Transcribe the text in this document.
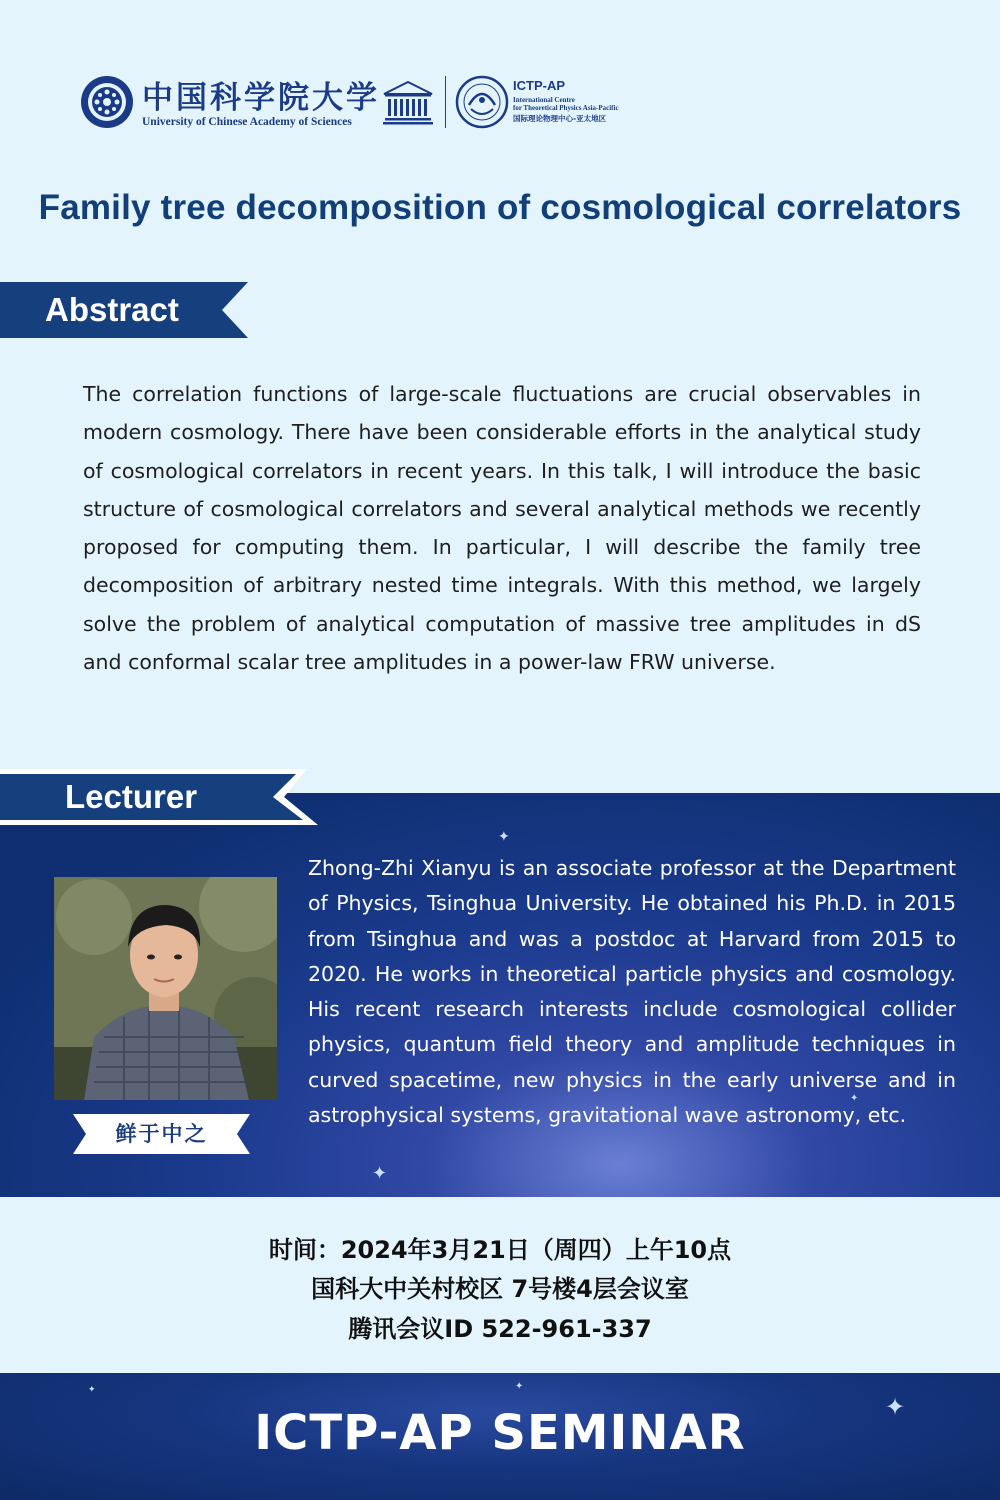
中国科学院大学
University of Chinese Academy of Sciences
ICTP-AP
International Centre
for Theoretical Physics Asia-Pacific
国际理论物理中心-亚太地区
Family tree decomposition of cosmological correlators
Abstract
The correlation functions of large-scale fluctuations are crucial observables in modern cosmology. There have been considerable efforts in the analytical study of cosmological correlators in recent years. In this talk, I will introduce the basic structure of cosmological correlators and several analytical methods we recently proposed for computing them. In particular, I will describe the family tree decomposition of arbitrary nested time integrals. With this method, we largely solve the problem of analytical computation of massive tree amplitudes in dS and conformal scalar tree amplitudes in a power-law FRW universe.
✦
✦
✦
Lecturer
鲜于中之
Zhong-Zhi Xianyu is an associate professor at the Department of Physics, Tsinghua University. He obtained his Ph.D. in 2015 from Tsinghua and was a postdoc at Harvard from 2015 to 2020. He works in theoretical particle physics and cosmology. His recent research interests include cosmological collider physics, quantum field theory and amplitude techniques in curved spacetime, new physics in the early universe and in astrophysical systems, gravitational wave astronomy, etc.
时间：2024年3月21日（周四）上午10点
国科大中关村校区 7号楼4层会议室
腾讯会议ID 522-961-337
✦
✦
✦
ICTP-AP SEMINAR
